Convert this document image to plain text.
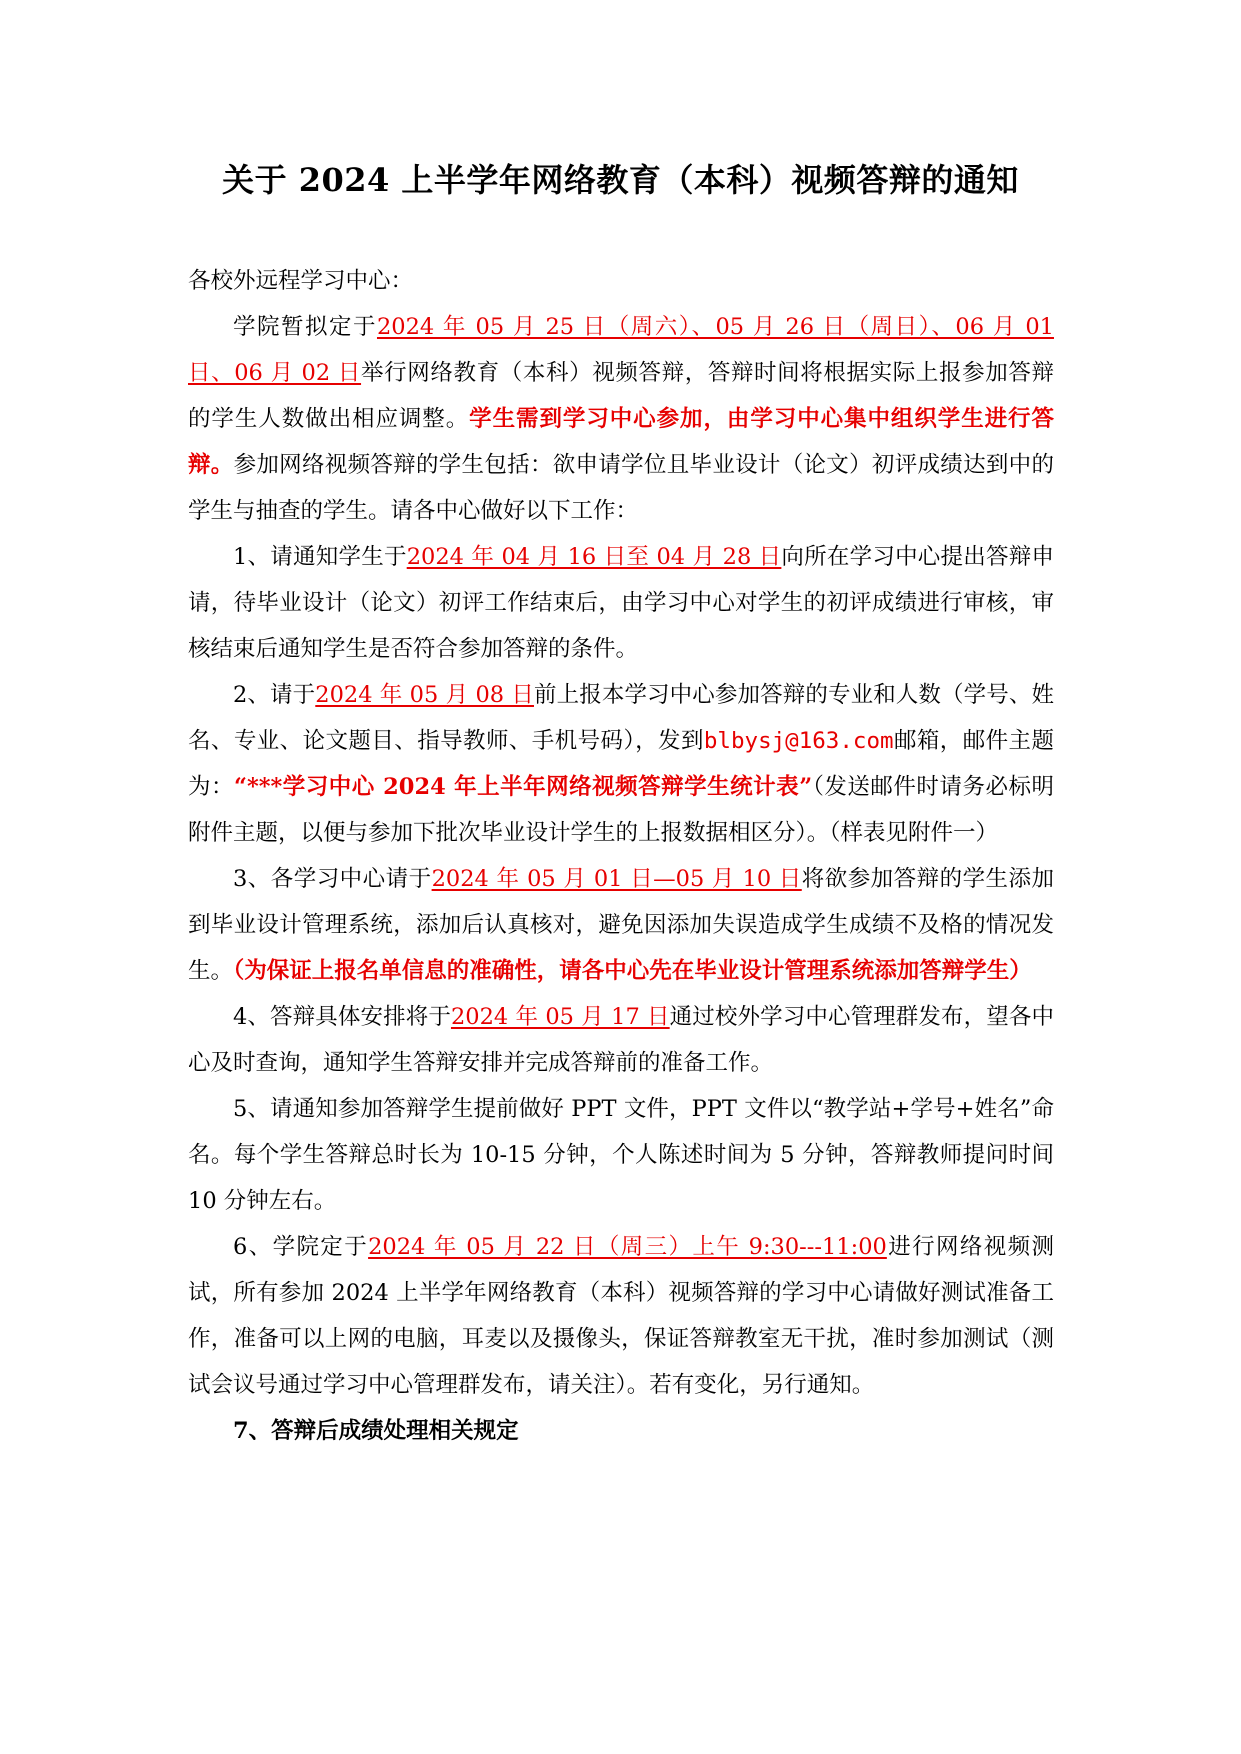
关于 2024 上半学年网络教育（本科）视频答辩的通知

各校外远程学习中心：

学院暂拟定于2024 年 05 月 25 日（周六）、05 月 26 日（周日）、06 月 01 日、06 月 02 日举行网络教育（本科）视频答辩，答辩时间将根据实际上报参加答辩的学生人数做出相应调整。学生需到学习中心参加，由学习中心集中组织学生进行答辩。参加网络视频答辩的学生包括：欲申请学位且毕业设计（论文）初评成绩达到中的学生与抽查的学生。请各中心做好以下工作：

1、请通知学生于2024 年 04 月 16 日至 04 月 28 日向所在学习中心提出答辩申请，待毕业设计（论文）初评工作结束后，由学习中心对学生的初评成绩进行审核，审核结束后通知学生是否符合参加答辩的条件。

2、请于2024 年 05 月 08 日前上报本学习中心参加答辩的专业和人数（学号、姓名、专业、论文题目、指导教师、手机号码），发到blbysj@163.com邮箱，邮件主题为：“***学习中心 2024 年上半年网络视频答辩学生统计表”（发送邮件时请务必标明附件主题，以便与参加下批次毕业设计学生的上报数据相区分）。（样表见附件一）

3、各学习中心请于2024 年 05 月 01 日—05 月 10 日将欲参加答辩的学生添加到毕业设计管理系统，添加后认真核对，避免因添加失误造成学生成绩不及格的情况发生。（为保证上报名单信息的准确性，请各中心先在毕业设计管理系统添加答辩学生）

4、答辩具体安排将于2024 年 05 月 17 日通过校外学习中心管理群发布，望各中心及时查询，通知学生答辩安排并完成答辩前的准备工作。

5、请通知参加答辩学生提前做好 PPT 文件，PPT 文件以“教学站+学号+姓名”命名。每个学生答辩总时长为 10-15 分钟，个人陈述时间为 5 分钟，答辩教师提问时间 10 分钟左右。

6、学院定于2024 年 05 月 22 日（周三）上午 9:30---11:00进行网络视频测试，所有参加 2024 上半学年网络教育（本科）视频答辩的学习中心请做好测试准备工作，准备可以上网的电脑，耳麦以及摄像头，保证答辩教室无干扰，准时参加测试（测试会议号通过学习中心管理群发布，请关注）。若有变化，另行通知。

7、答辩后成绩处理相关规定
